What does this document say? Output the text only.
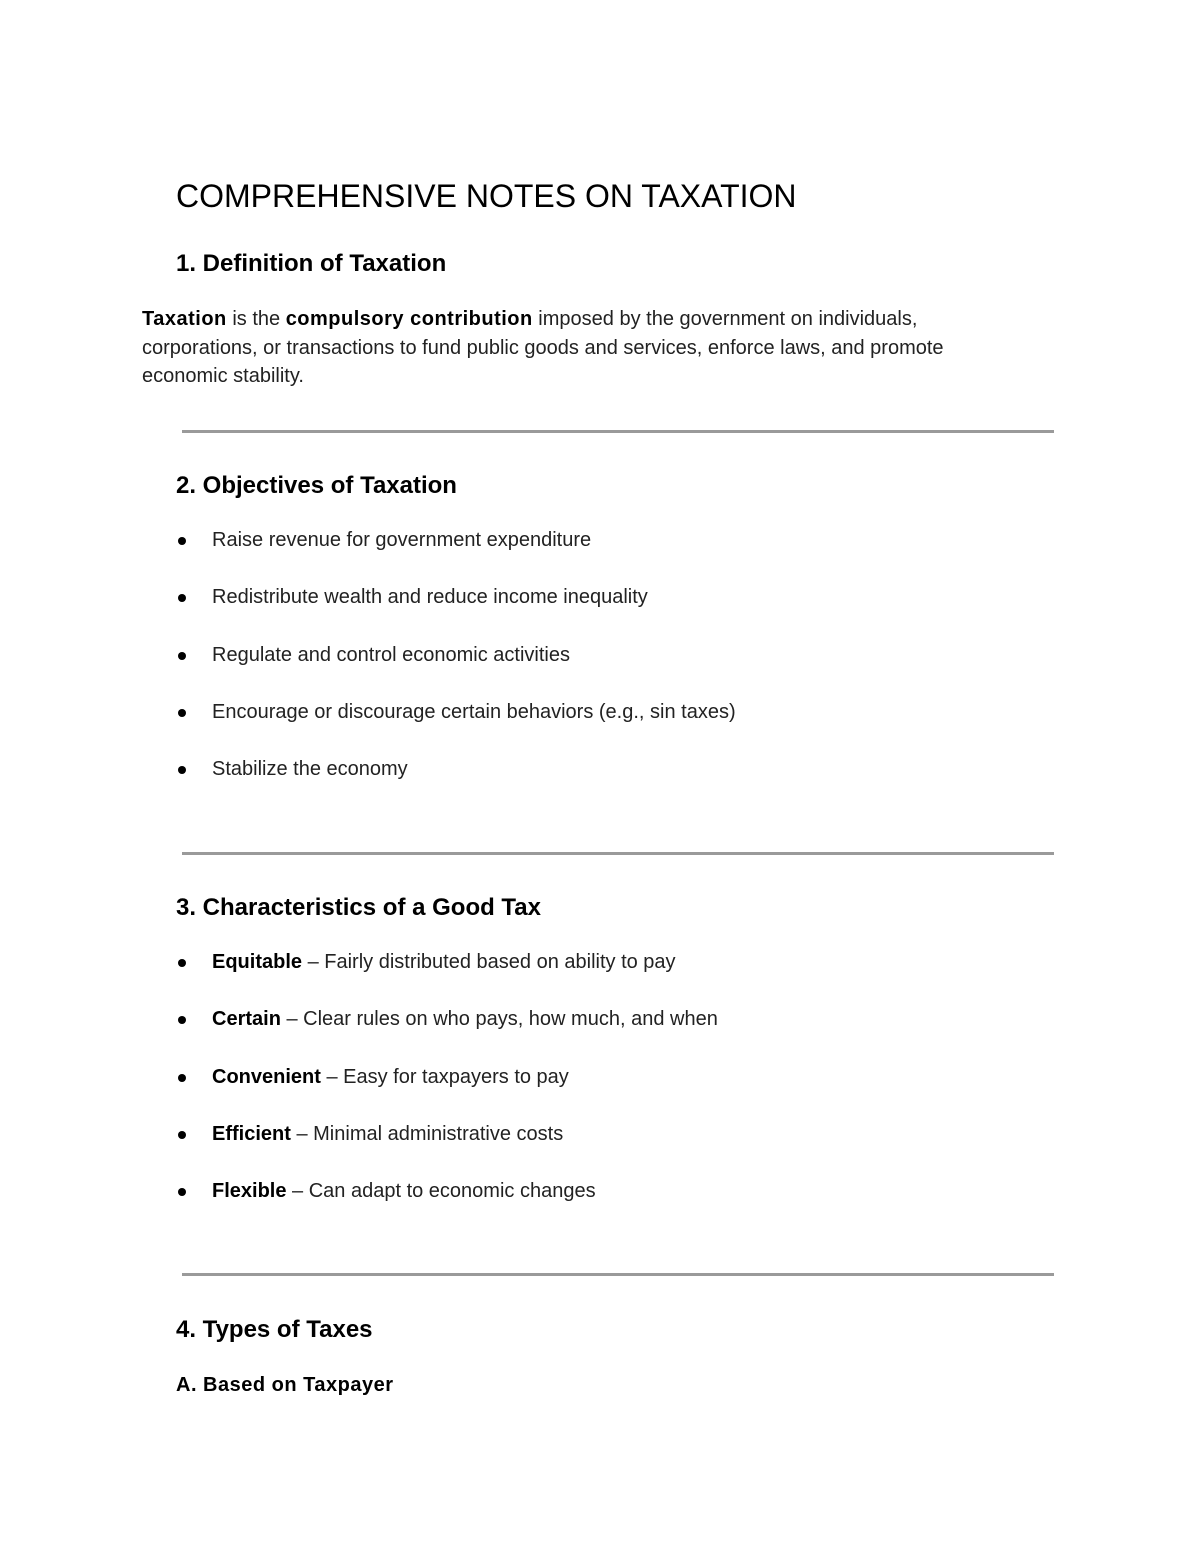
COMPREHENSIVE NOTES ON TAXATION
1. Definition of Taxation

Taxation is the compulsory contribution imposed by the government on individuals, corporations, or transactions to fund public goods and services, enforce laws, and promote economic stability.

2. Objectives of Taxation
Raise revenue for government expenditure
Redistribute wealth and reduce income inequality
Regulate and control economic activities
Encourage or discourage certain behaviors (e.g., sin taxes)
Stabilize the economy
3. Characteristics of a Good Tax
Equitable – Fairly distributed based on ability to pay
Certain – Clear rules on who pays, how much, and when
Convenient – Easy for taxpayers to pay
Efficient – Minimal administrative costs
Flexible – Can adapt to economic changes
4. Types of Taxes
A. Based on Taxpayer
